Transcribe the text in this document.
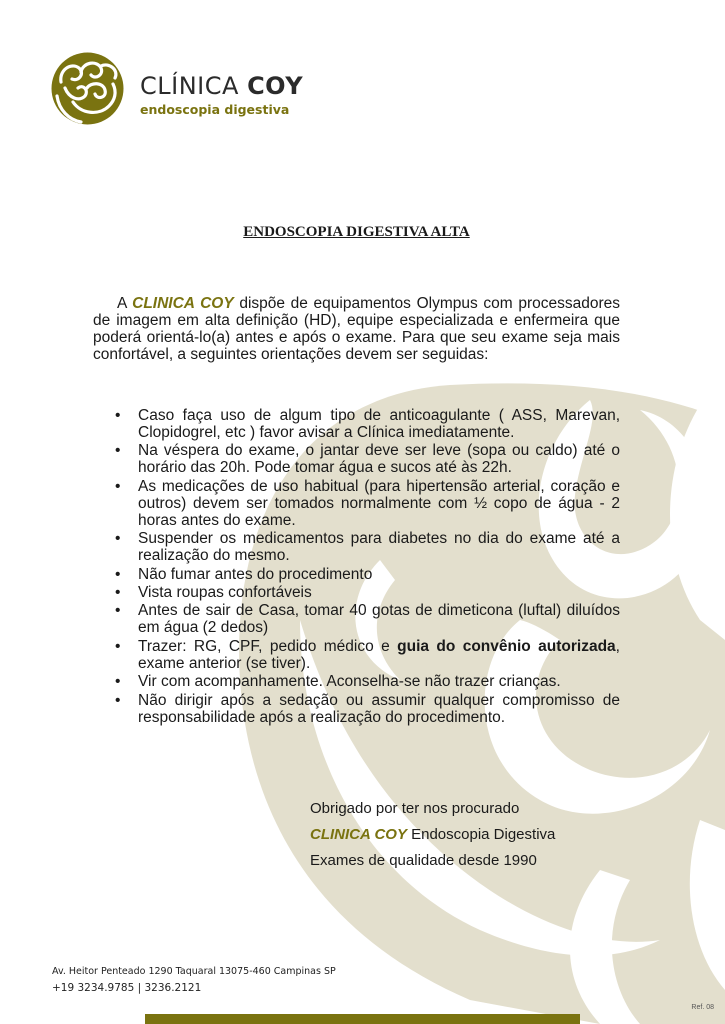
CLÍNICA COY
endoscopia digestiva
ENDOSCOPIA DIGESTIVA ALTA

A CLINICA COY dispõe de equipamentos Olympus com processadores de imagem em alta definição (HD), equipe especializada e enfermeira que poderá orientá-lo(a) antes e após o exame. Para que seu exame seja mais confortável, a seguintes orientações devem ser seguidas:

• Caso faça uso de algum tipo de anticoagulante ( ASS, Marevan, Clopidogrel, etc ) favor avisar a Clínica imediatamente.
• Na véspera do exame, o jantar deve ser leve (sopa ou caldo) até o horário das 20h. Pode tomar água e sucos até às 22h.
• As medicações de uso habitual (para hipertensão arterial, coração e outros) devem ser tomados normalmente com ½ copo de água - 2 horas antes do exame.
• Suspender os medicamentos para diabetes no dia do exame até a realização do mesmo.
• Não fumar antes do procedimento
• Vista roupas confortáveis
• Antes de sair de Casa, tomar 40 gotas de dimeticona (luftal) diluídos em água (2 dedos)
• Trazer: RG, CPF, pedido médico e guia do convênio autorizada, exame anterior (se tiver).
• Vir com acompanhamente. Aconselha-se não trazer crianças.
• Não dirigir após a sedação ou assumir qualquer compromisso de responsabilidade após a realização do procedimento.
Obrigado por ter nos procurado
CLINICA COY Endoscopia Digestiva
Exames de qualidade desde 1990
Av. Heitor Penteado 1290 Taquaral 13075-460 Campinas SP
+19 3234.9785 | 3236.2121
Ref. 08
